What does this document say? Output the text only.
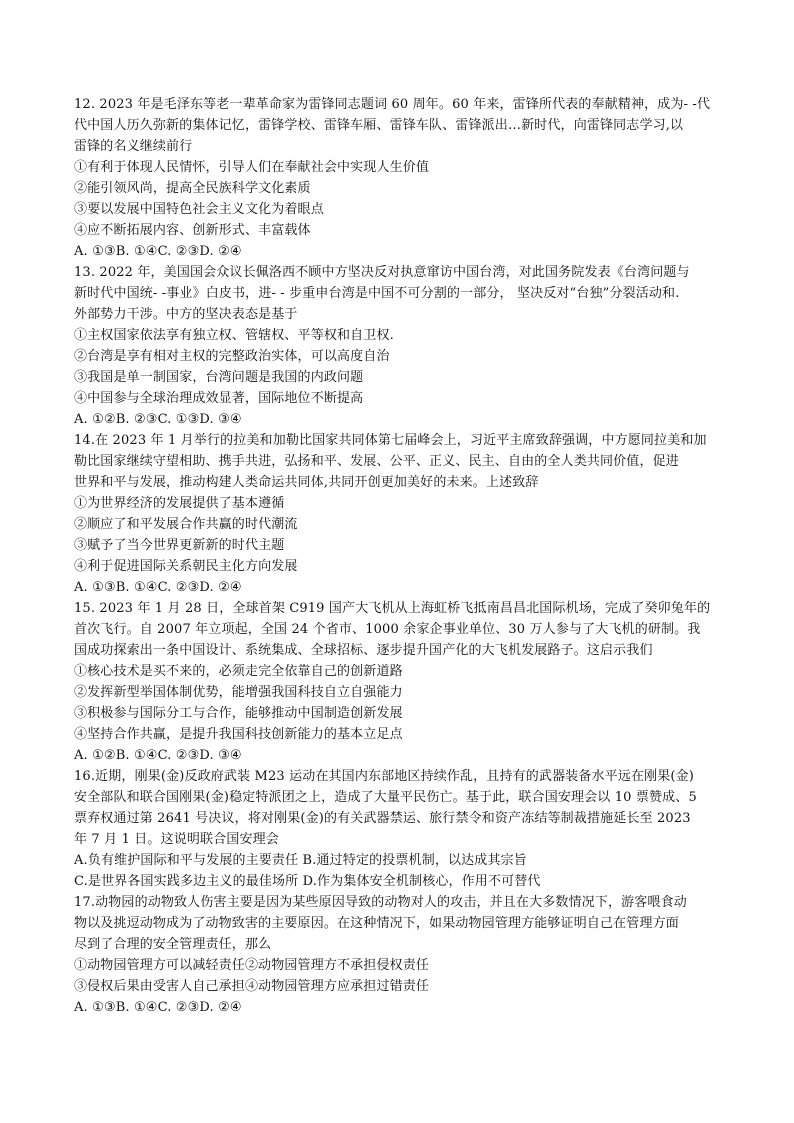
12. 2023 年是毛泽东等老一辈革命家为雷锋同志题词 60 周年。60 年来，雷锋所代表的奉献精神，成为- -代
代中国人历久弥新的集体记忆，雷锋学校、雷锋车厢、雷锋车队、雷锋派出…新时代，向雷锋同志学习,以
雷锋的名义继续前行
①有利于体现人民情怀，引导人们在奉献社会中实现人生价值
②能引领风尚，提高全民族科学文化素质
③要以发展中国特色社会主义文化为着眼点
④应不断拓展内容、创新形式、丰富载体
A. ①③B. ①④C. ②③D. ②④
13. 2022 年，美国国会众议长佩洛西不顾中方坚决反对执意窜访中国台湾，对此国务院发表《台湾问题与
新时代中国统- -事业》白皮书，进- - 步重申台湾是中国不可分割的一部分， 坚决反对“台独”分裂活动和.
外部势力干涉。中方的坚决表态是基于
①主权国家依法享有独立权、管辖权、平等权和自卫权.
②台湾是享有相对主权的完整政治实体，可以高度自治
③我国是单一制国家，台湾问题是我国的内政问题
④中国参与全球治理成效显著，国际地位不断提高
A. ①②B. ②③C. ①③D. ③④
14.在 2023 年 1 月举行的拉美和加勒比国家共同体第七届峰会上，习近平主席致辞强调，中方愿同拉美和加
勒比国家继续守望相助、携手共进，弘扬和平、发展、公平、正义、民主、自由的全人类共同价值，促进
世界和平与发展，推动构建人类命运共同体,共同开创更加美好的未来。上述致辞
①为世界经济的发展提供了基本遵循
②顺应了和平发展合作共赢的时代潮流
③赋予了当今世界更新新的时代主题
④利于促进国际关系朝民主化方向发展
A. ①③B. ①④C. ②③D. ②④
15. 2023 年 1 月 28 日，全球首架 C919 国产大飞机从上海虹桥飞抵南昌昌北国际机场，完成了癸卯兔年的
首次飞行。自 2007 年立项起，全国 24 个省市、1000 余家企事业单位、30 万人参与了大飞机的研制。我
国成功探索出一条中国设计、系统集成、全球招标、逐步提升国产化的大飞机发展路子。这启示我们
①核心技术是买不来的，必须走完全依靠自己的创新道路
②发挥新型举国体制优势，能增强我国科技自立自强能力
③积极参与国际分工与合作，能够推动中国制造创新发展
④坚持合作共赢，是提升我国科技创新能力的基本立足点
A. ①②B. ①④C. ②③D. ③④
16.近期，刚果(金)反政府武装 M23 运动在其国内东部地区持续作乱，且持有的武器装备水平远在刚果(金)
安全部队和联合国刚果(金)稳定特派团之上，造成了大量平民伤亡。基于此，联合国安理会以 10 票赞成、5
票弃权通过第 2641 号决议，将对刚果(金)的有关武器禁运、旅行禁令和资产冻结等制裁措施延长至 2023
年 7 月 1 日。这说明联合国安理会
A.负有维护国际和平与发展的主要责任 B.通过特定的投票机制，以达成其宗旨
C.是世界各国实践多边主义的最佳场所 D.作为集体安全机制核心，作用不可替代
17.动物园的动物致人伤害主要是因为某些原因导致的动物对人的攻击，并且在大多数情况下，游客喂食动
物以及挑逗动物成为了动物致害的主要原因。在这种情况下，如果动物园管理方能够证明自己在管理方面
尽到了合理的安全管理责任，那么
①动物园管理方可以减轻责任②动物园管理方不承担侵权责任
③侵权后果由受害人自己承担④动物园管理方应承担过错责任
A. ①③B. ①④C. ②③D. ②④
